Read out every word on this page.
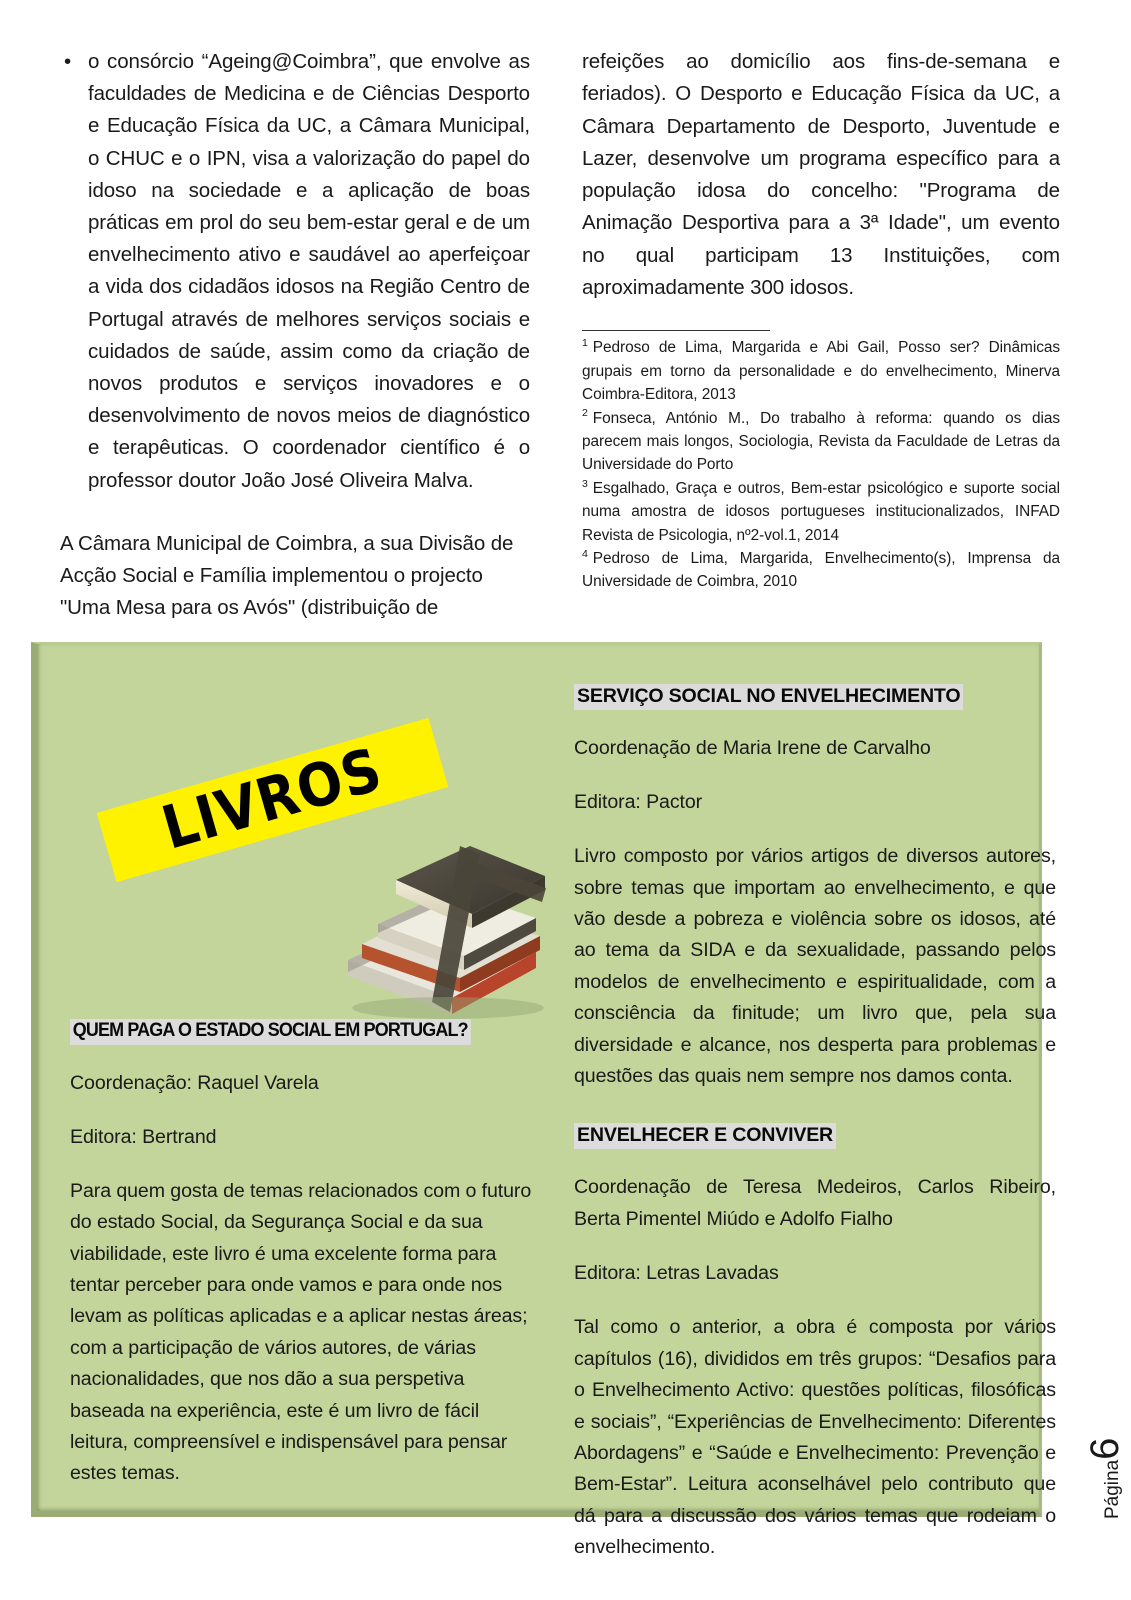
• o consórcio “Ageing@Coimbra”, que envolve as faculdades de Medicina e de Ciências Desporto e Educação Física da UC, a Câmara Municipal, o CHUC e o IPN, visa a valorização do papel do idoso na sociedade e a aplicação de boas práticas em prol do seu bem-estar geral e de um envelhecimento ativo e saudável ao aperfeiçoar a vida dos cidadãos idosos na Região Centro de Portugal através de melhores serviços sociais e cuidados de saúde, assim como da criação de novos produtos e serviços inovadores e o desenvolvimento de novos meios de diagnóstico e terapêuticas. O coordenador científico é o professor doutor João José Oliveira Malva.

A Câmara Municipal de Coimbra, a sua Divisão de Acção Social e Família implementou o projecto "Uma Mesa para os Avós" (distribuição de

refeições ao domicílio aos fins-de-semana e feriados). O Desporto e Educação Física da UC, a Câmara Departamento de Desporto, Juventude e Lazer, desenvolve um programa específico para a população idosa do concelho: "Programa de Animação Desportiva para a 3ª Idade", um evento no qual participam 13 Instituições, com aproximadamente 300 idosos.

$^1$ Pedroso de Lima, Margarida e Abi Gail, Posso ser? Dinâmicas grupais em torno da personalidade e do envelhecimento, Minerva Coimbra-Editora, 2013

$^2$ Fonseca, António M., Do trabalho à reforma: quando os dias parecem mais longos, Sociologia, Revista da Faculdade de Letras da Universidade do Porto

$^3$ Esgalhado, Graça e outros, Bem-estar psicológico e suporte social numa amostra de idosos portugueses institucionalizados, INFAD Revista de Psicologia, nº2-vol.1, 2014

$^4$ Pedroso de Lima, Margarida, Envelhecimento(s), Imprensa da Universidade de Coimbra, 2010

LIVROS
QUEM PAGA O ESTADO SOCIAL EM PORTUGAL?
Coordenação: Raquel Varela
Editora: Bertrand
Para quem gosta de temas relacionados com o futuro do estado Social, da Segurança Social e da sua viabilidade, este livro é uma excelente forma para tentar perceber para onde vamos e para onde nos levam as políticas aplicadas e a aplicar nestas áreas; com a participação de vários autores, de várias nacionalidades, que nos dão a sua perspetiva baseada na experiência, este é um livro de fácil leitura, compreensível e indispensável para pensar estes temas.
SERVIÇO SOCIAL NO ENVELHECIMENTO
Coordenação de Maria Irene de Carvalho
Editora: Pactor
Livro composto por vários artigos de diversos autores, sobre temas que importam ao envelhecimento, e que vão desde a pobreza e violência sobre os idosos, até ao tema da SIDA e da sexualidade, passando pelos modelos de envelhecimento e espiritualidade, com a consciência da finitude; um livro que, pela sua diversidade e alcance, nos desperta para problemas e questões das quais nem sempre nos damos conta.
ENVELHECER E CONVIVER
Coordenação de Teresa Medeiros, Carlos Ribeiro, Berta Pimentel Miúdo e Adolfo Fialho
Editora: Letras Lavadas
Tal como o anterior, a obra é composta por vários capítulos (16), divididos em três grupos: “Desafios para o Envelhecimento Activo: questões políticas, filosóficas e sociais”, “Experiências de Envelhecimento: Diferentes Abordagens” e “Saúde e Envelhecimento: Prevenção e Bem-Estar”. Leitura aconselhável pelo contributo que dá para a discussão dos vários temas que rodeiam o envelhecimento.
Página6
